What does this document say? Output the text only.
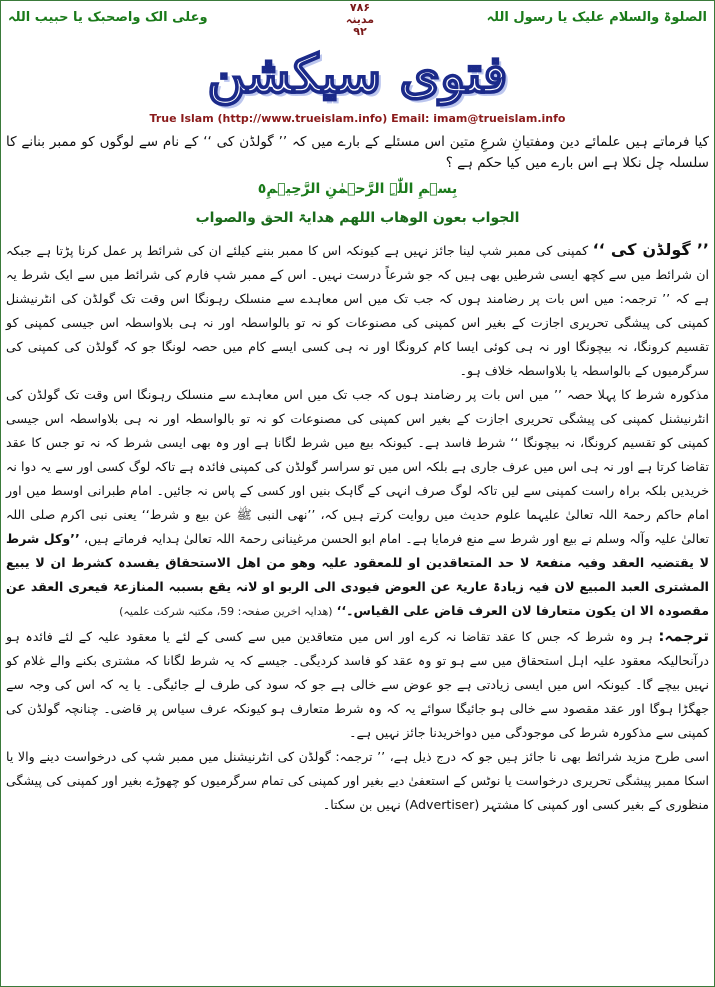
الصلوۃ والسلام علیک یا رسول اللہ
۷۸۶
مدینہ
۹۲
وعلی الک واصحبک یا حبیب اللہ
فتوی سیکشن
True Islam (http://www.trueislam.info) Email: imam@trueislam.info
کیا فرماتے ہیں علمائے دین ومفتیانِ شرعِ متین اس مسئلے کے بارے میں کہ ’’ گولڈن کی ‘‘ کے نام سے لوگوں کو ممبر بنانے کا سلسلہ چل نکلا ہے اس بارے میں کیا حکم ہے ؟
بِسۡمِ اللّٰہِ الرَّحۡمٰنِ الرَّحِیۡمِ٥
الجواب بعون الوھاب اللھم ھدایۃ الحق والصواب

’’ گولڈن کی ‘‘ کمپنی کی ممبر شپ لینا جائز نہیں ہے کیونکہ اس کا ممبر بننے کیلئے ان کی شرائط پر عمل کرنا پڑتا ہے جبکہ ان شرائط میں سے کچھ ایسی شرطیں بھی ہیں کہ جو شرعاً درست نہیں۔ اس کے ممبر شپ فارم کی شرائط میں سے ایک شرط یہ ہے کہ ’’ ترجمہ: میں اس بات پر رضامند ہوں کہ جب تک میں اس معاہدے سے منسلک رہونگا اس وقت تک گولڈن کی انٹرنیشنل کمپنی کی پیشگی تحریری اجازت کے بغیر اس کمپنی کی مصنوعات کو نہ تو بالواسطہ اور نہ ہی بلاواسطہ اس جیسی کمپنی کو تقسیم کرونگا، نہ بیچونگا اور نہ ہی کوئی ایسا کام کرونگا اور نہ ہی کسی ایسے کام میں حصہ لونگا جو کہ گولڈن کی کمپنی کی سرگرمیوں کے بالواسطہ یا بلاواسطہ خلاف ہو۔

مذکورہ شرط کا پہلا حصہ ’’ میں اس بات پر رضامند ہوں کہ جب تک میں اس معاہدے سے منسلک رہونگا اس وقت تک گولڈن کی انٹرنیشنل کمپنی کی پیشگی تحریری اجازت کے بغیر اس کمپنی کی مصنوعات کو نہ تو بالواسطہ اور نہ ہی بلاواسطہ اس جیسی کمپنی کو تقسیم کرونگا، نہ بیچونگا ‘‘ شرط فاسد ہے۔ کیونکہ بیع میں شرط لگانا ہے اور وہ بھی ایسی شرط کہ نہ تو جس کا عقد تقاضا کرتا ہے اور نہ ہی اس میں عرف جاری ہے بلکہ اس میں تو سراسر گولڈن کی کمپنی فائدہ ہے تاکہ لوگ کسی اور سے یہ دوا نہ خریدیں بلکہ براہ راست کمپنی سے لیں تاکہ لوگ صرف انہی کے گاہک بنیں اور کسی کے پاس نہ جائیں۔ امام طبرانی اوسط میں اور امام حاکم رحمۃ اللہ تعالیٰ علیہما علوم حدیث میں روایت کرتے ہیں کہ، ’’نھی النبی ﷺ عن بیع و شرط‘‘ یعنی نبی اکرم صلی اللہ تعالیٰ علیہ وآلہ وسلم نے بیع اور شرط سے منع فرمایا ہے۔ امام ابو الحسن مرغینانی رحمۃ اللہ تعالیٰ ہدایہ فرماتے ہیں، ’’وکل شرط لا یقتضیہ العقد وفیہ منفعۃ لا حد المتعاقدین او للمعقود علیہ وھو من اھل الاستحقاق یفسدہ کشرط ان لا یبیع المشتری العبد المبیع لان فیہ زیادۃ عاریۃ عن العوض فیودی الی الربو او لانہ یقع بسببہ المنازعۃ فیعری العقد عن مقصودہ الا ان یکون متعارفا لان العرف قاض علی القیاس۔‘‘ (ھدایہ اخرین صفحہ: 59، مکتبہ شرکت علمیہ)

ترجمہ: ہر وہ شرط کہ جس کا عقد تقاضا نہ کرے اور اس میں متعاقدین میں سے کسی کے لئے یا معقود علیہ کے لئے فائدہ ہو درآنحالیکہ معقود علیہ اہل استحقاق میں سے ہو تو وہ عقد کو فاسد کردیگی۔ جیسے کہ یہ شرط لگانا کہ مشتری بکنے والے غلام کو نہیں بیچے گا۔ کیونکہ اس میں ایسی زیادتی ہے جو عوض سے خالی ہے جو کہ سود کی طرف لے جائیگی۔ یا یہ کہ اس کی وجہ سے جھگڑا ہوگا اور عقد مقصود سے خالی ہو جائیگا سوائے یہ کہ وہ شرط متعارف ہو کیونکہ عرف سیاس پر قاضی۔ چنانچہ گولڈن کی کمپنی سے مذکورہ شرط کی موجودگی میں دواخریدنا جائز نہیں ہے۔

اسی طرح مزید شرائط بھی نا جائز ہیں جو کہ درج ذیل ہے، ’’ ترجمہ: گولڈن کی انٹرنیشنل میں ممبر شپ کی درخواست دینے والا یا اسکا ممبر پیشگی تحریری درخواست یا نوٹس کے استعفیٰ دیے بغیر اور کمپنی کی تمام سرگرمیوں کو چھوڑے بغیر اور کمپنی کی پیشگی منظوری کے بغیر کسی اور کمپنی کا مشتہر (Advertiser) نہیں بن سکتا۔
